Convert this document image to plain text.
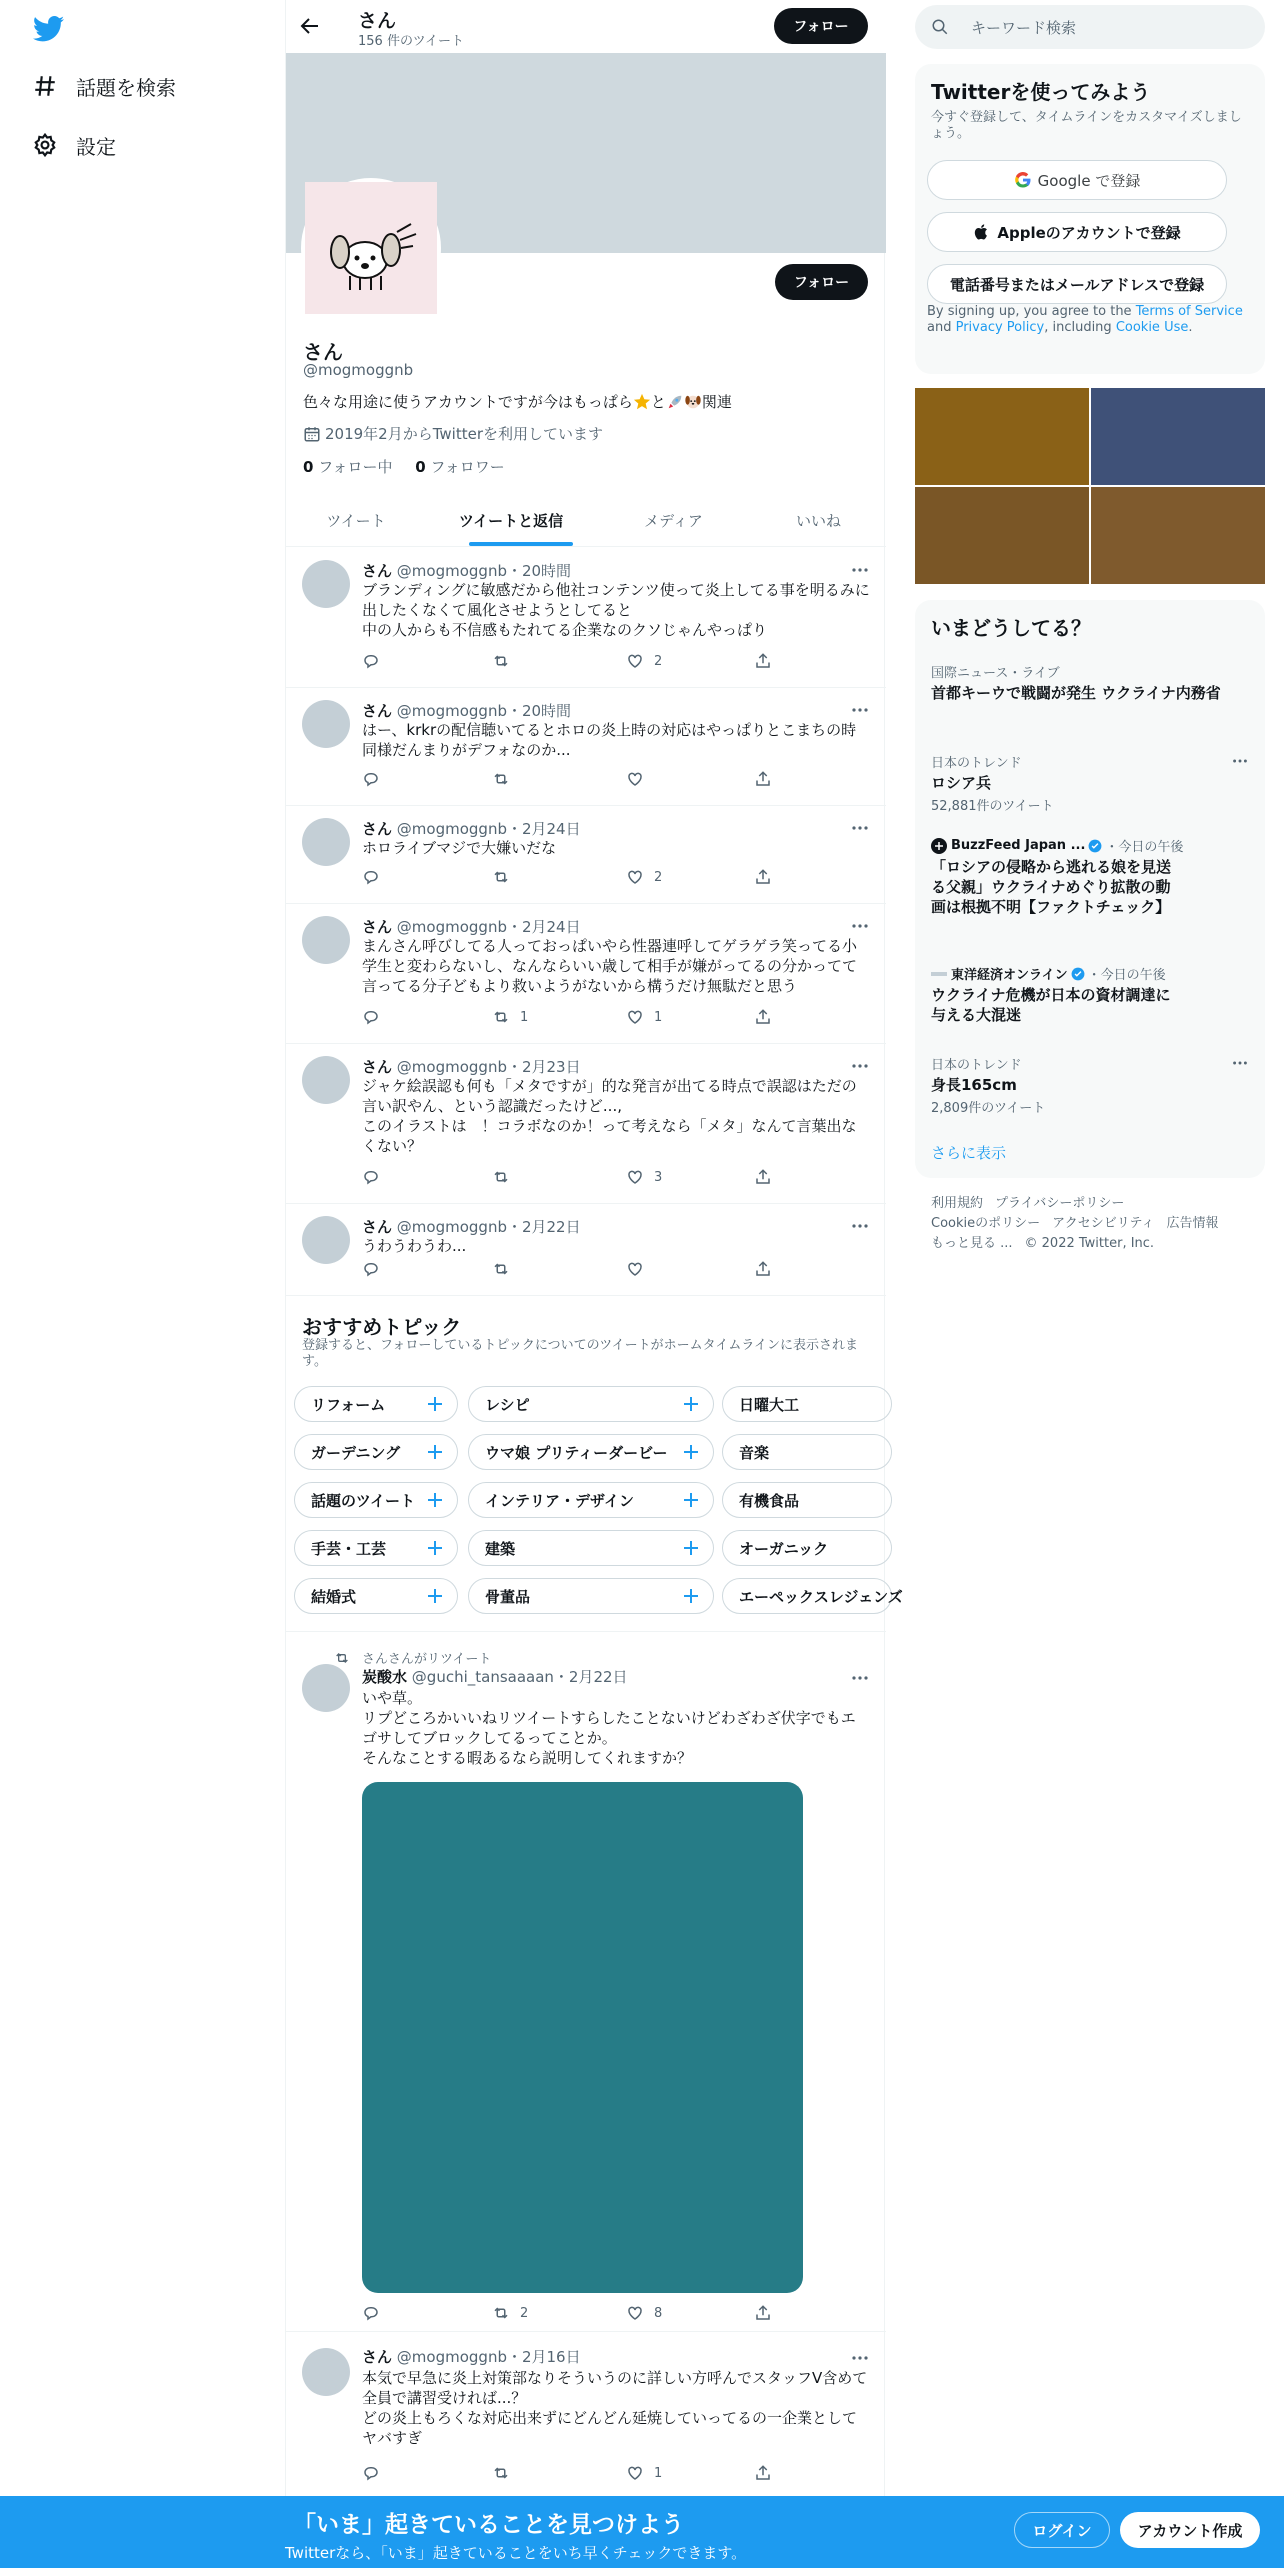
話題を検索
設定
さん
156 件のツイート
フォロー
フォロー
さん
@mogmoggnb
色々な用途に使うアカウントですが今はもっぱら と 関連
2019年2月からTwitterを利用しています
0 フォロー中 0 フォロワー
ツイート	ツイートと返信	メディア	いいね
さん @mogmoggnb・20時間
ブランディングに敏感だから他社コンテンツ使って炎上してる事を明るみに出したくなくて風化させようとしてると
中の人からも不信感もたれてる企業なのクソじゃんやっぱり
2
さん @mogmoggnb・20時間
はー、krkrの配信聴いてるとホロの炎上時の対応はやっぱりとこまちの時同様だんまりがデフォなのか...
さん @mogmoggnb・2月24日
ホロライブマジで大嫌いだな
2
さん @mogmoggnb・2月24日
まんさん呼びしてる人っておっぱいやら性器連呼してゲラゲラ笑ってる小学生と変わらないし、なんならいい歳して相手が嫌がってるの分かってて言ってる分子どもより救いようがないから構うだけ無駄だと思う
1	1
さん @mogmoggnb・2月23日
ジャケ絵誤認も何も「メタですが」的な発言が出てる時点で誤認はただの言い訳やん、という認識だったけど...,
このイラストは　！コラボなのか！って考えなら「メタ」なんて言葉出なくない？
3
さん @mogmoggnb・2月22日
うわうわうわ...
おすすめトピック
登録すると、フォローしているトピックについてのツイートがホームタイムラインに表示されます。
リフォーム	レシピ	日曜大工
ガーデニング	ウマ娘 プリティーダービー	音楽
話題のツイート	インテリア・デザイン	有機食品
手芸・工芸	建築	オーガニック
結婚式	骨董品	エーペックスレジェンズ
さんさんがリツイート
炭酸水 @guchi_tansaaaan・2月22日
いや草。
リプどころかいいねリツイートすらしたことないけどわざわざ伏字でもエゴサしてブロックしてるってことか。
そんなことする暇あるなら説明してくれますか？
2	8
さん @mogmoggnb・2月16日
本気で早急に炎上対策部なりそういうのに詳しい方呼んでスタッフV含めて全員で講習受ければ...？
どの炎上もろくな対応出来ずにどんどん延焼していってるの一企業としてヤバすぎ
1
キーワード検索
Twitterを使ってみよう
今すぐ登録して、タイムラインをカスタマイズしましょう。
Google で登録
Appleのアカウントで登録
電話番号またはメールアドレスで登録
By signing up, you agree to the Terms of Service and Privacy Policy, including Cookie Use.
いまどうしてる？
国際ニュース・ライブ
首都キーウで戦闘が発生 ウクライナ内務省
日本のトレンド
ロシア兵
52,881件のツイート
BuzzFeed Japan ... ・今日の午後
「ロシアの侵略から逃れる娘を見送る父親」ウクライナめぐり拡散の動画は根拠不明【ファクトチェック】
東洋経済オンライン ・今日の午後
ウクライナ危機が日本の資材調達に与える大混迷
日本のトレンド
身長165cm
2,809件のツイート
さらに表示
利用規約 プライバシーポリシー
Cookieのポリシー アクセシビリティ 広告情報
もっと見る ... © 2022 Twitter, Inc.
「いま」起きていることを見つけよう
Twitterなら、「いま」起きていることをいち早くチェックできます。
ログイン	アカウント作成
